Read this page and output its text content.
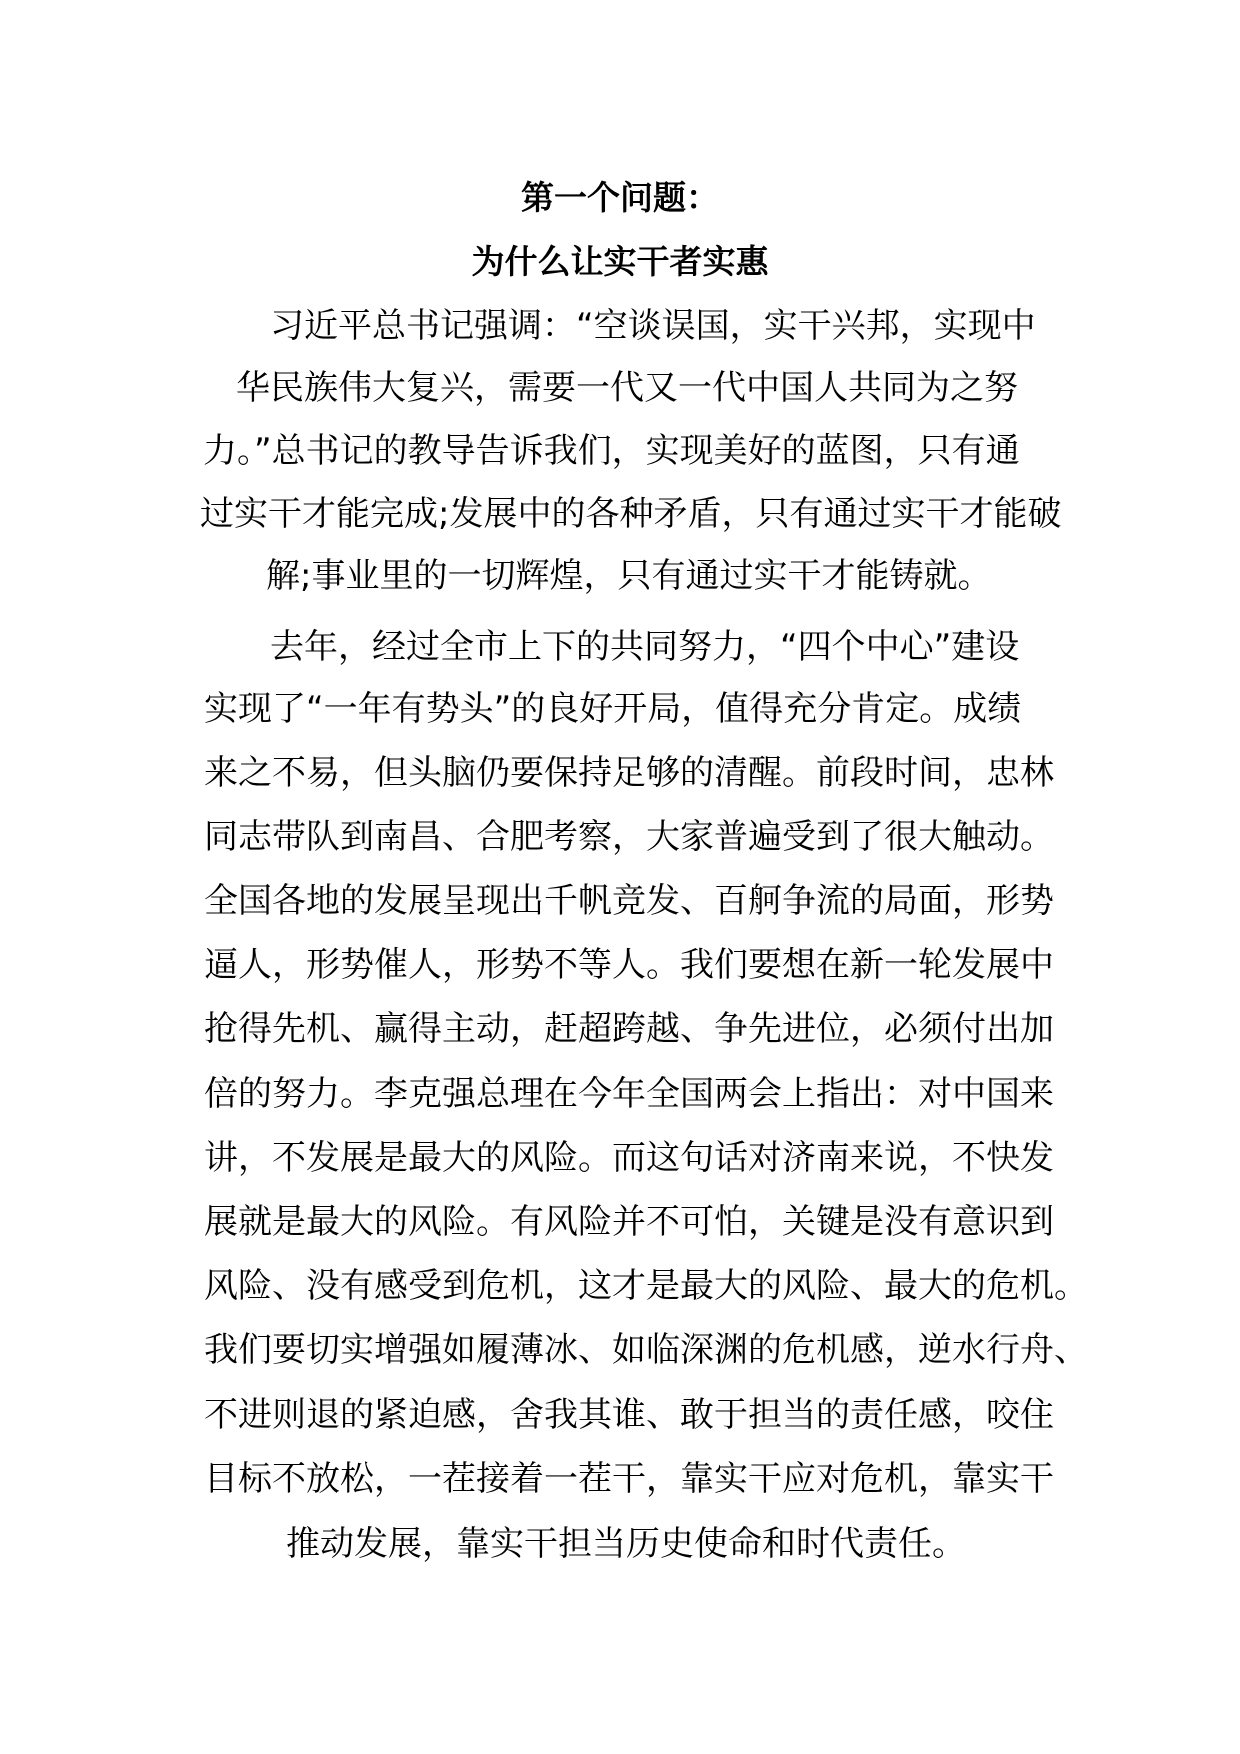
第一个问题：
为什么让实干者实惠
习近平总书记强调：“空谈误国，实干兴邦，实现中
华民族伟大复兴，需要一代又一代中国人共同为之努
力。”总书记的教导告诉我们，实现美好的蓝图，只有通
过实干才能完成;发展中的各种矛盾，只有通过实干才能破
解;事业里的一切辉煌，只有通过实干才能铸就。
去年，经过全市上下的共同努力，“四个中心”建设
实现了“一年有势头”的良好开局，值得充分肯定。成绩
来之不易，但头脑仍要保持足够的清醒。前段时间，忠林
同志带队到南昌、合肥考察，大家普遍受到了很大触动。
全国各地的发展呈现出千帆竞发、百舸争流的局面，形势
逼人，形势催人，形势不等人。我们要想在新一轮发展中
抢得先机、赢得主动，赶超跨越、争先进位，必须付出加
倍的努力。李克强总理在今年全国两会上指出：对中国来
讲，不发展是最大的风险。而这句话对济南来说，不快发
展就是最大的风险。有风险并不可怕，关键是没有意识到
风险、没有感受到危机，这才是最大的风险、最大的危机。
我们要切实增强如履薄冰、如临深渊的危机感，逆水行舟、
不进则退的紧迫感，舍我其谁、敢于担当的责任感，咬住
目标不放松，一茬接着一茬干，靠实干应对危机，靠实干
推动发展，靠实干担当历史使命和时代责任。
